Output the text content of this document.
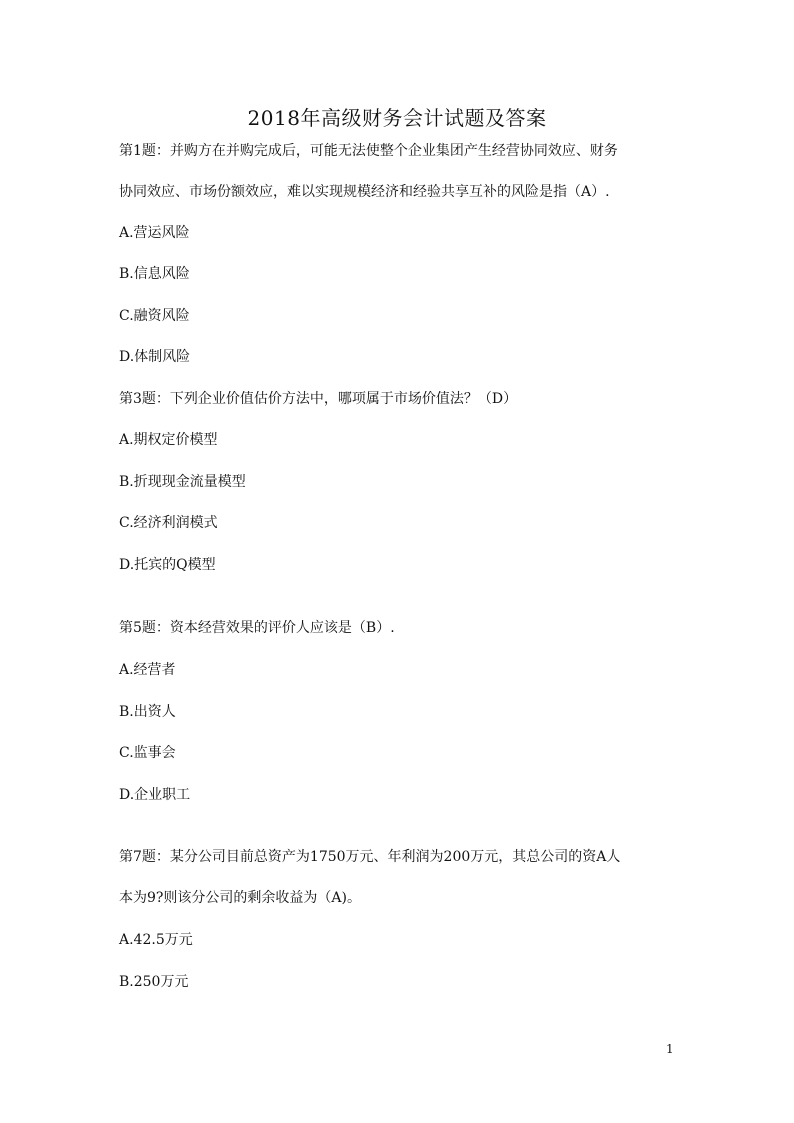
2018年高级财务会计试题及答案
第1题：并购方在并购完成后，可能无法使整个企业集团产生经营协同效应、财务
协同效应、市场份额效应，难以实现规模经济和经验共享互补的风险是指（A）.
A.营运风险
B.信息风险
C.融资风险
D.体制风险
第3题：下列企业价值估价方法中，哪项属于市场价值法？（D）
A.期权定价模型
B.折现现金流量模型
C.经济利润模式
D.托宾的Q模型
第5题：资本经营效果的评价人应该是（B）.
A.经营者
B.出资人
C.监事会
D.企业职工
第7题：某分公司目前总资产为1750万元、年利润为200万元，其总公司的资A人
本为9?则该分公司的剩余收益为（A)。
A.42.5万元
B.250万元
1
